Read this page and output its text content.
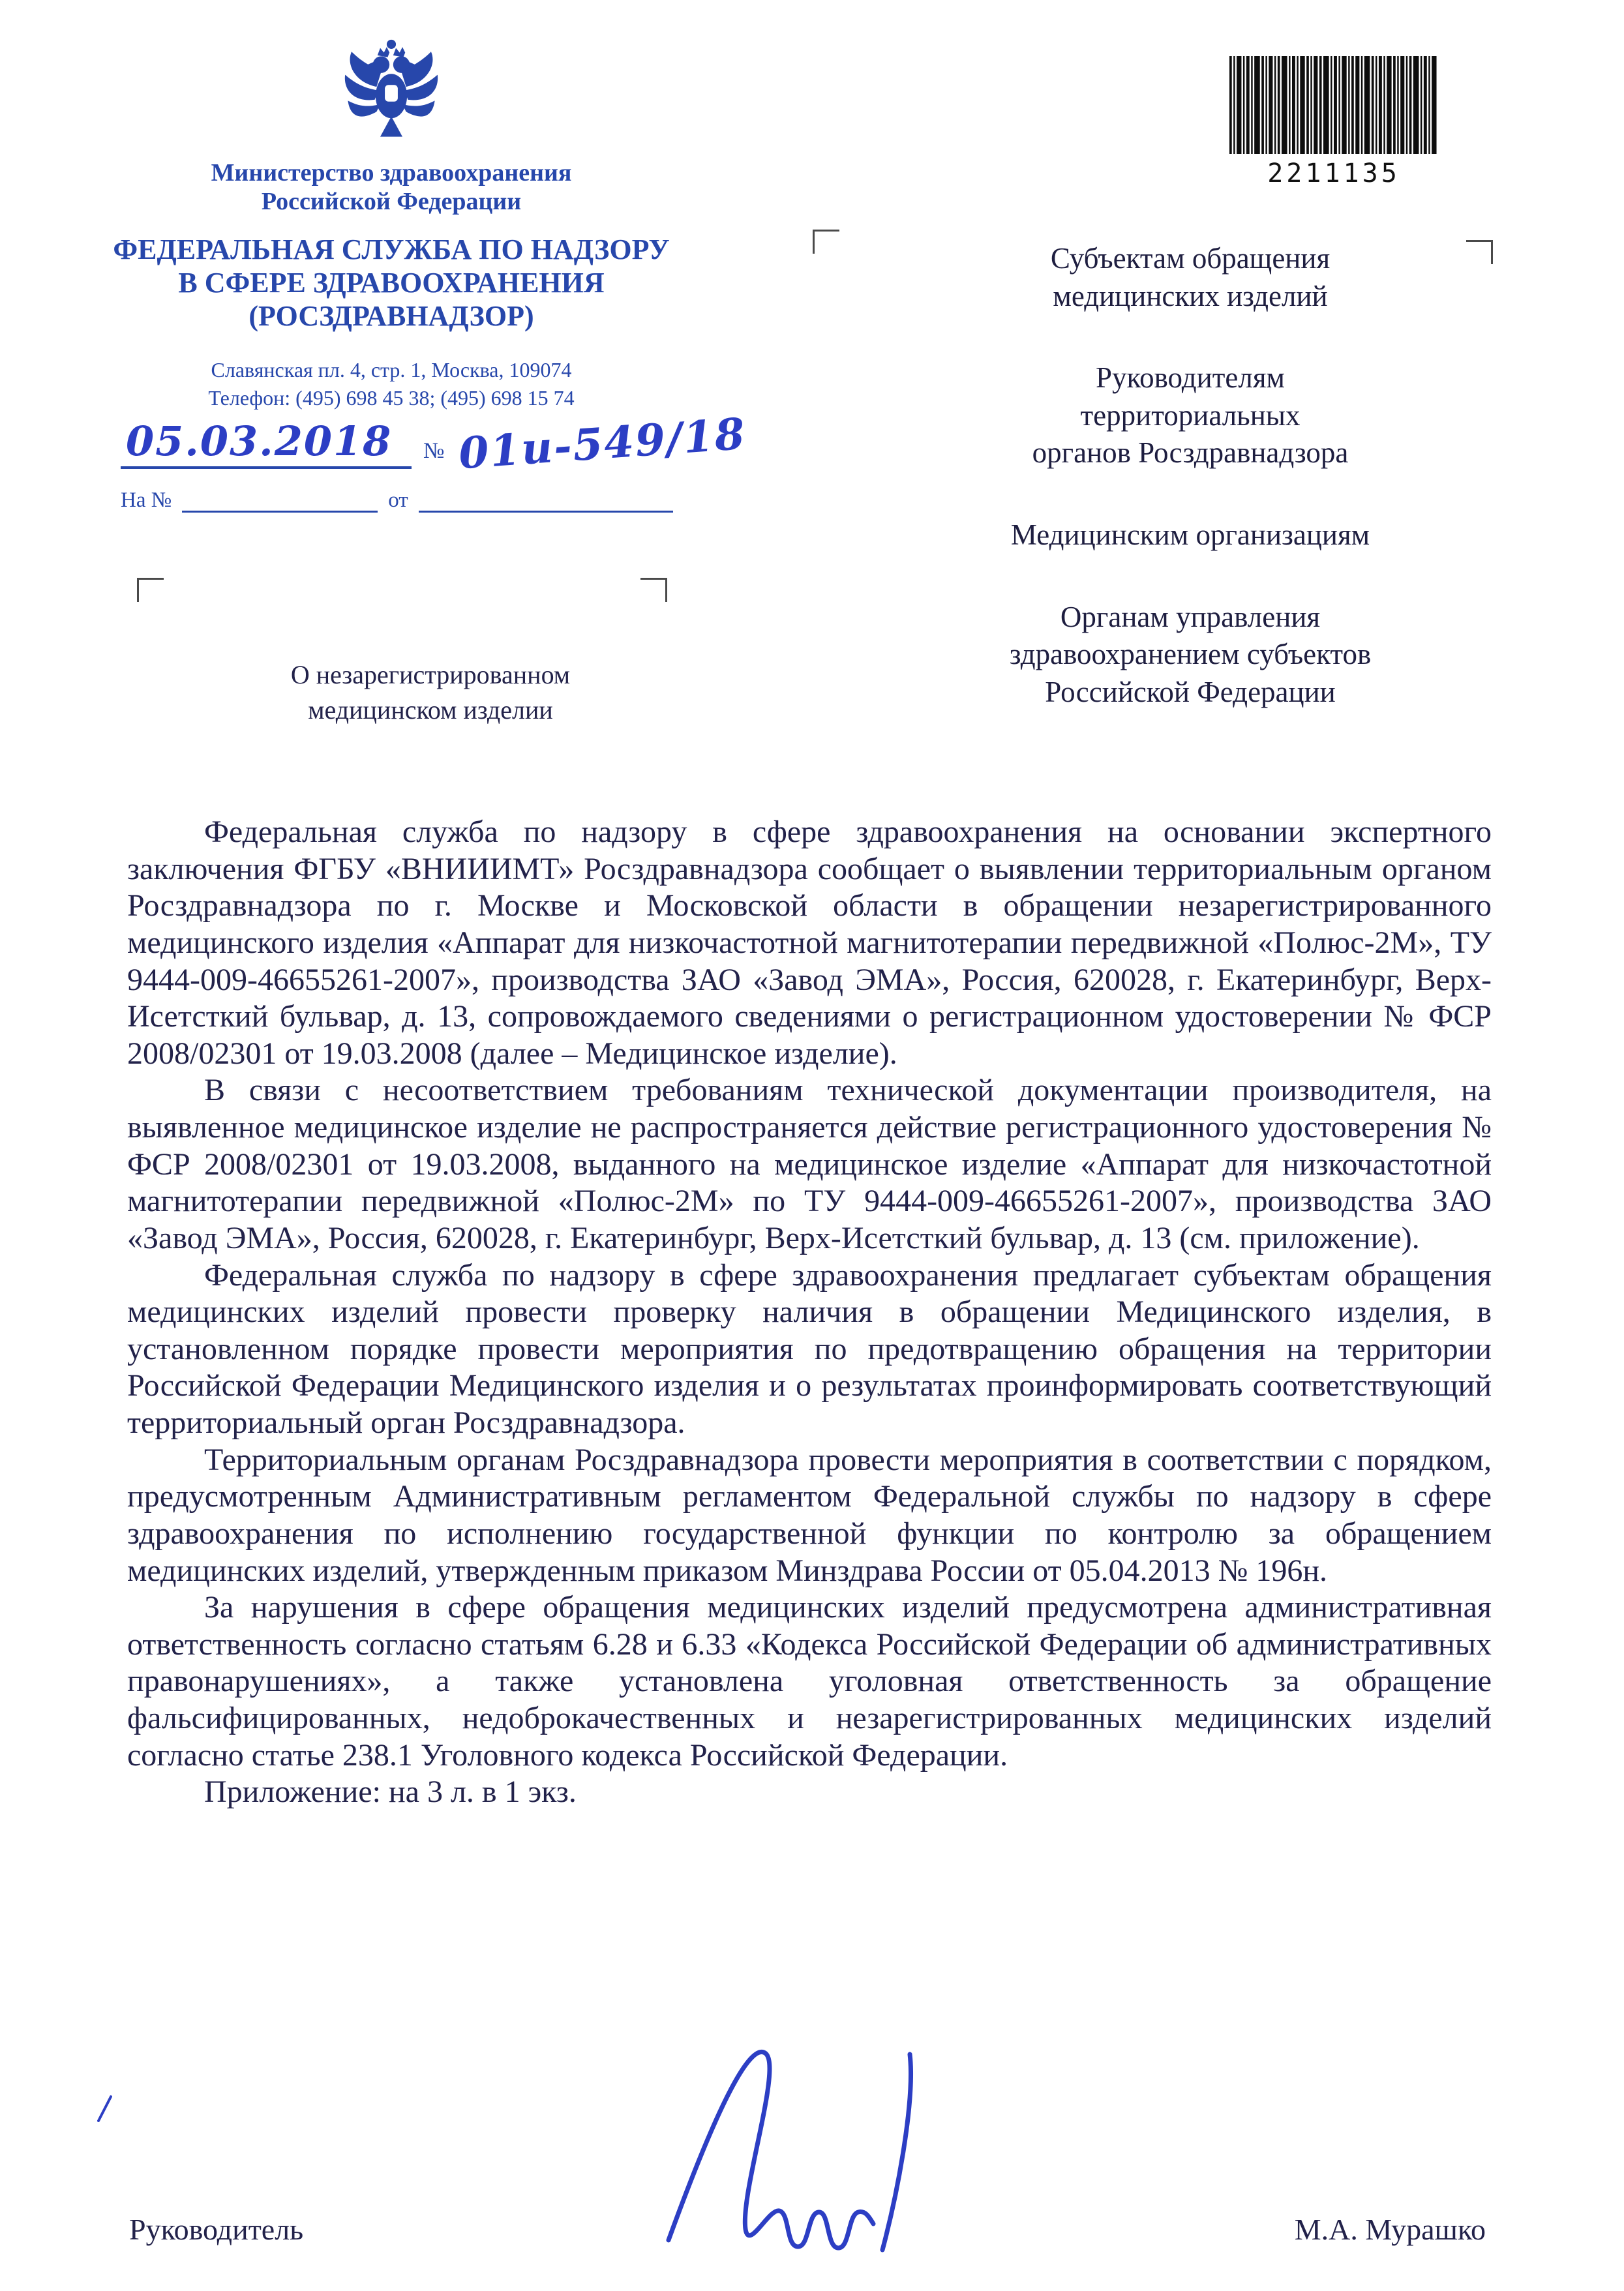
Министерство здравоохранения
Российской Федерации
ФЕДЕРАЛЬНАЯ СЛУЖБА ПО НАДЗОРУ
В СФЕРЕ ЗДРАВООХРАНЕНИЯ
(РОСЗДРАВНАДЗОР)
Славянская пл. 4, стр. 1, Москва, 109074
Телефон: (495) 698 45 38; (495) 698 15 74
2211135
05.03.2018	№ 01и-549/18
На №	от
О незарегистрированном
медицинском изделии
Субъектам обращения
медицинских изделий
Руководителям
территориальных
органов Росздравнадзора
Медицинским организациям
Органам управления
здравоохранением субъектов
Российской Федерации

Федеральная служба по надзору в сфере здравоохранения на основании экспертного заключения ФГБУ «ВНИИИМТ» Росздравнадзора сообщает о выявлении территориальным органом Росздравнадзора по г. Москве и Московской области в обращении незарегистрированного медицинского изделия «Аппарат для низкочастотной магнитотерапии передвижной «Полюс-2М», ТУ 9444-009-46655261-2007», производства ЗАО «Завод ЭМА», Россия, 620028, г. Екатеринбург, Верх-Исетсткий бульвар, д. 13, сопровождаемого сведениями о регистрационном удостоверении № ФСР 2008/02301 от 19.03.2008 (далее – Медицинское изделие).

В связи с несоответствием требованиям технической документации производителя, на выявленное медицинское изделие не распространяется действие регистрационного удостоверения № ФСР 2008/02301 от 19.03.2008, выданного на медицинское изделие «Аппарат для низкочастотной магнитотерапии передвижной «Полюс-2М» по ТУ 9444-009-46655261-2007», производства ЗАО «Завод ЭМА», Россия, 620028, г. Екатеринбург, Верх-Исетсткий бульвар, д. 13 (см. приложение).

Федеральная служба по надзору в сфере здравоохранения предлагает субъектам обращения медицинских изделий провести проверку наличия в обращении Медицинского изделия, в установленном порядке провести мероприятия по предотвращению обращения на территории Российской Федерации Медицинского изделия и о результатах проинформировать соответствующий территориальный орган Росздравнадзора.

Территориальным органам Росздравнадзора провести мероприятия в соответствии с порядком, предусмотренным Административным регламентом Федеральной службы по надзору в сфере здравоохранения по исполнению государственной функции по контролю за обращением медицинских изделий, утвержденным приказом Минздрава России от 05.04.2013 № 196н.

За нарушения в сфере обращения медицинских изделий предусмотрена административная ответственность согласно статьям 6.28 и 6.33 «Кодекса Российской Федерации об административных правонарушениях», а также установлена уголовная ответственность за обращение фальсифицированных, недоброкачественных и незарегистрированных медицинских изделий согласно статье 238.1 Уголовного кодекса Российской Федерации.

Приложение: на 3 л. в 1 экз.

Руководитель	М.А. Мурашко
